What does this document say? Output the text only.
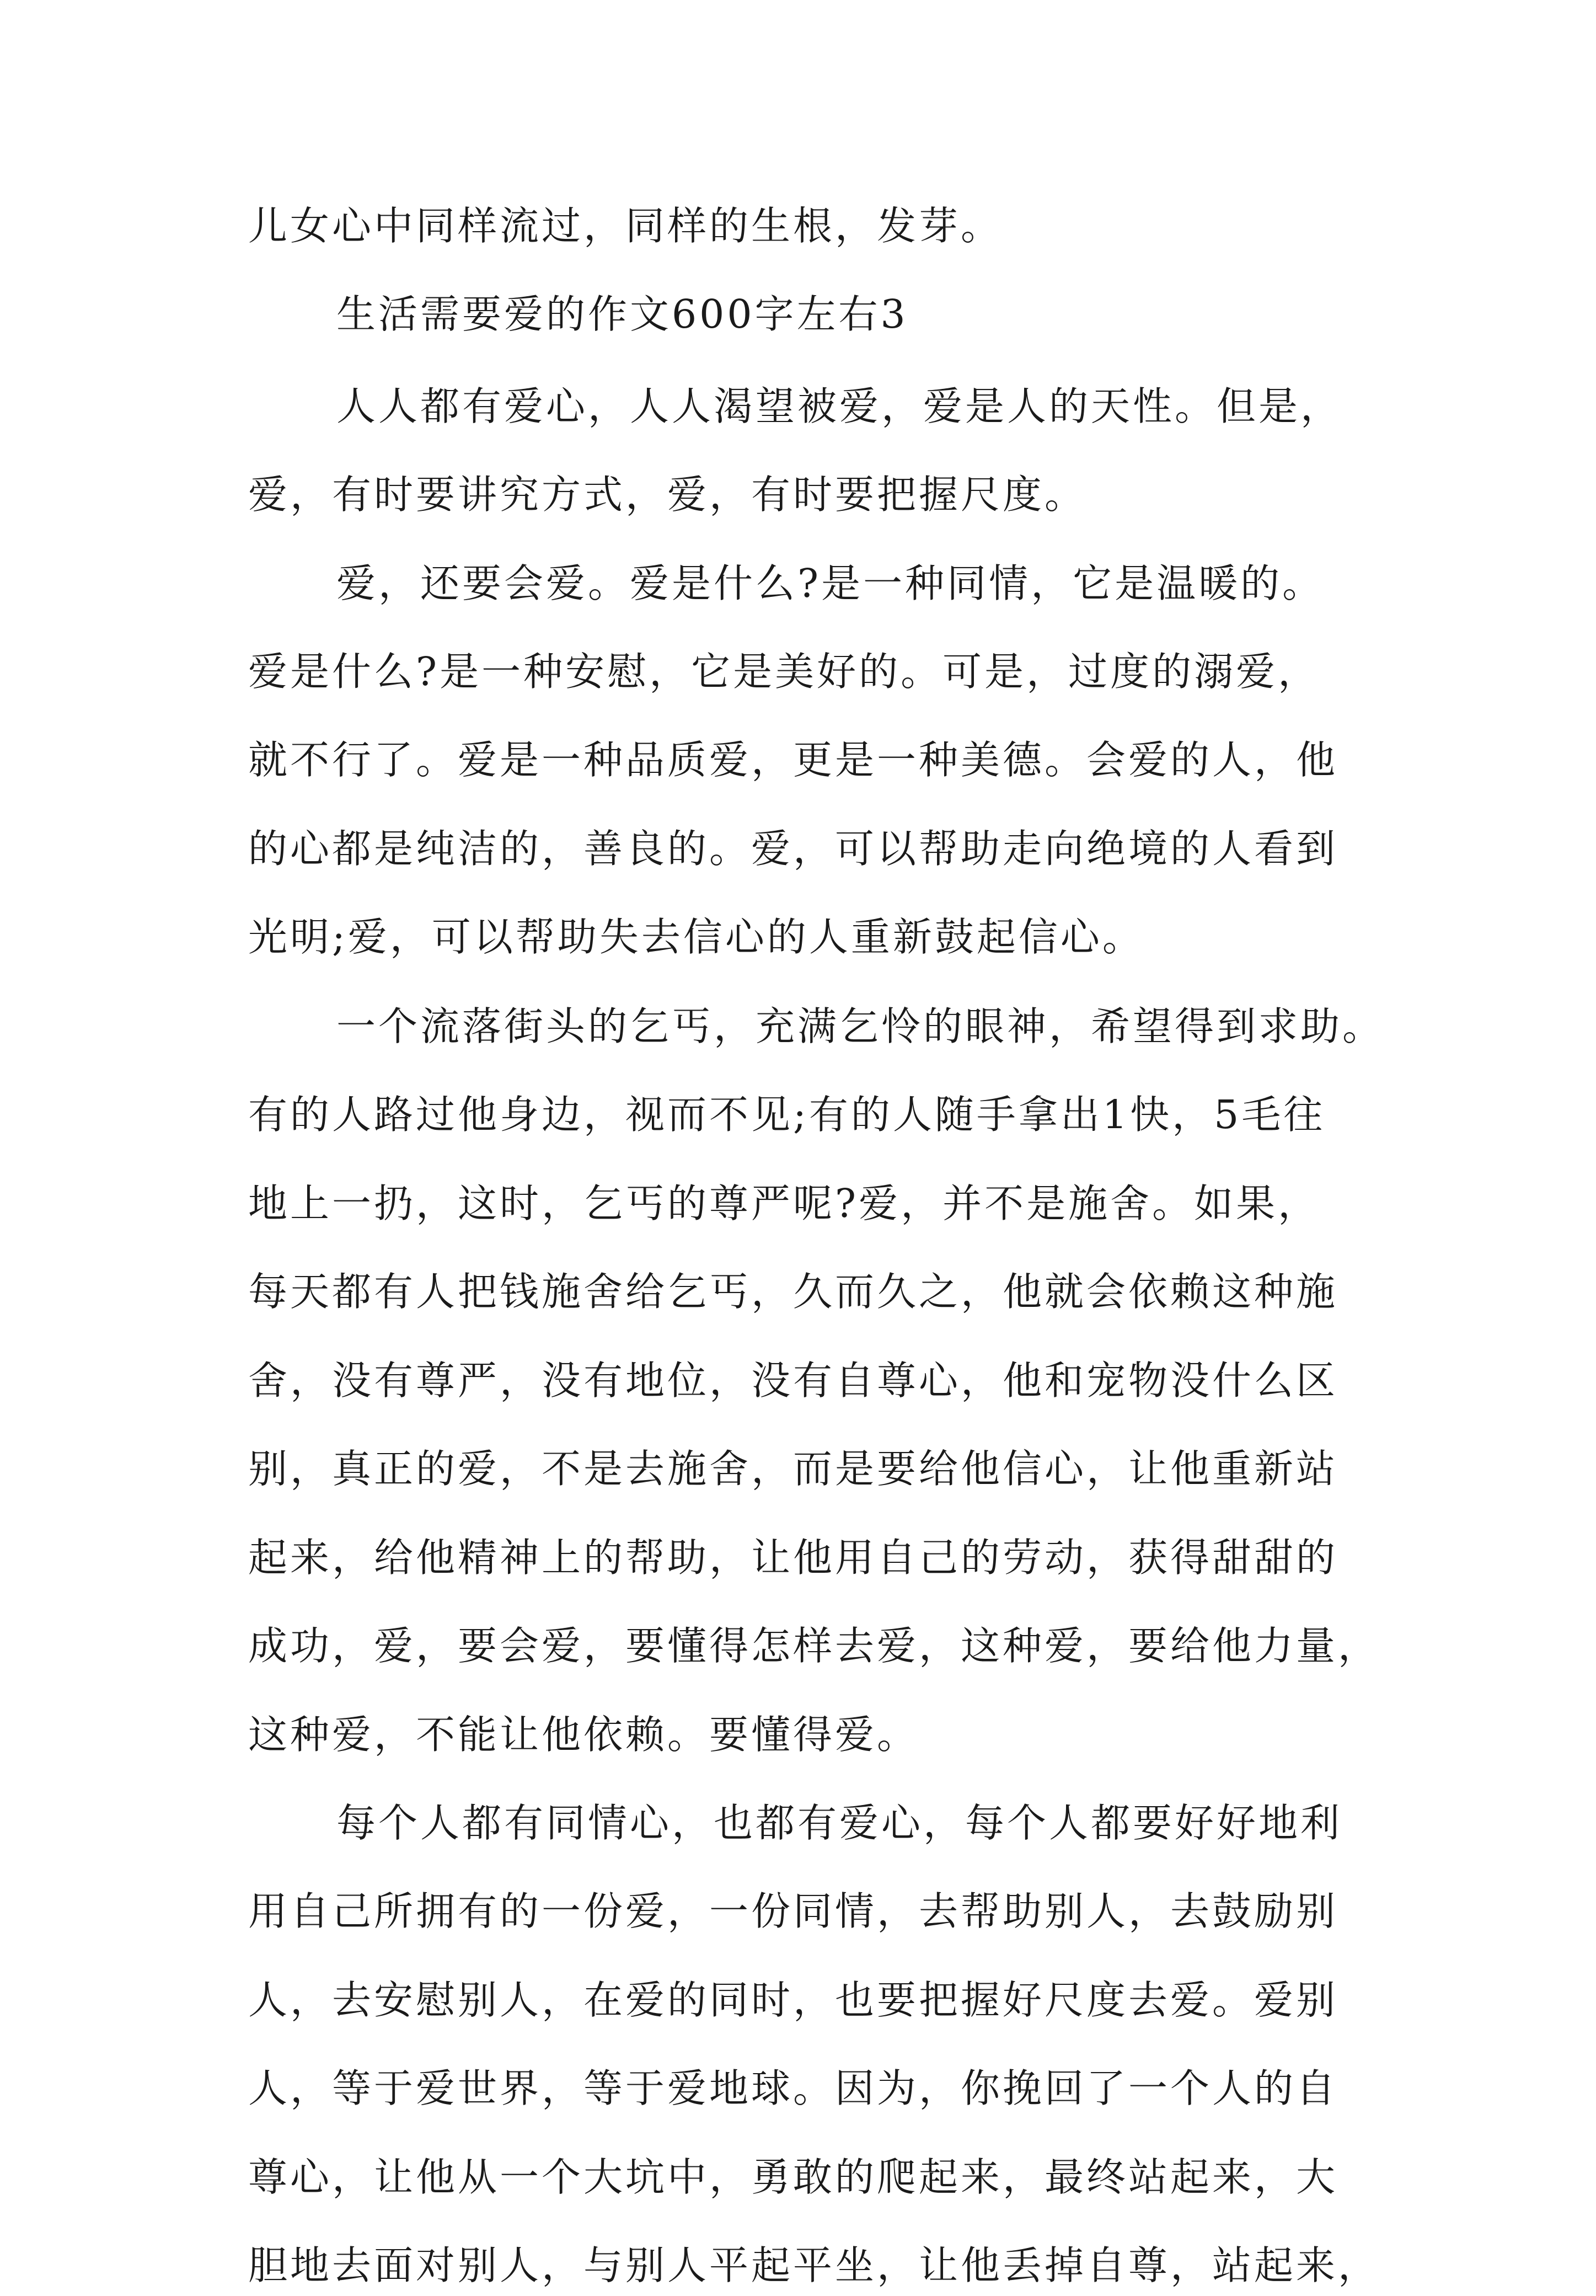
儿女心中同样流过，同样的生根，发芽。
生活需要爱的作文600字左右3
人人都有爱心，人人渴望被爱，爱是人的天性。但是，
爱，有时要讲究方式，爱，有时要把握尺度。
爱，还要会爱。爱是什么?是一种同情，它是温暖的。
爱是什么?是一种安慰，它是美好的。可是，过度的溺爱，
就不行了。爱是一种品质爱，更是一种美德。会爱的人，他
的心都是纯洁的，善良的。爱，可以帮助走向绝境的人看到
光明;爱，可以帮助失去信心的人重新鼓起信心。
一个流落街头的乞丐，充满乞怜的眼神，希望得到求助。
有的人路过他身边，视而不见;有的人随手拿出1快，5毛往
地上一扔，这时，乞丐的尊严呢?爱，并不是施舍。如果，
每天都有人把钱施舍给乞丐，久而久之，他就会依赖这种施
舍，没有尊严，没有地位，没有自尊心，他和宠物没什么区
别，真正的爱，不是去施舍，而是要给他信心，让他重新站
起来，给他精神上的帮助，让他用自己的劳动，获得甜甜的
成功，爱，要会爱，要懂得怎样去爱，这种爱，要给他力量，
这种爱，不能让他依赖。要懂得爱。
每个人都有同情心，也都有爱心，每个人都要好好地利
用自己所拥有的一份爱，一份同情，去帮助别人，去鼓励别
人，去安慰别人，在爱的同时，也要把握好尺度去爱。爱别
人，等于爱世界，等于爱地球。因为，你挽回了一个人的自
尊心，让他从一个大坑中，勇敢的爬起来，最终站起来，大
胆地去面对别人，与别人平起平坐，让他丢掉自尊，站起来，
